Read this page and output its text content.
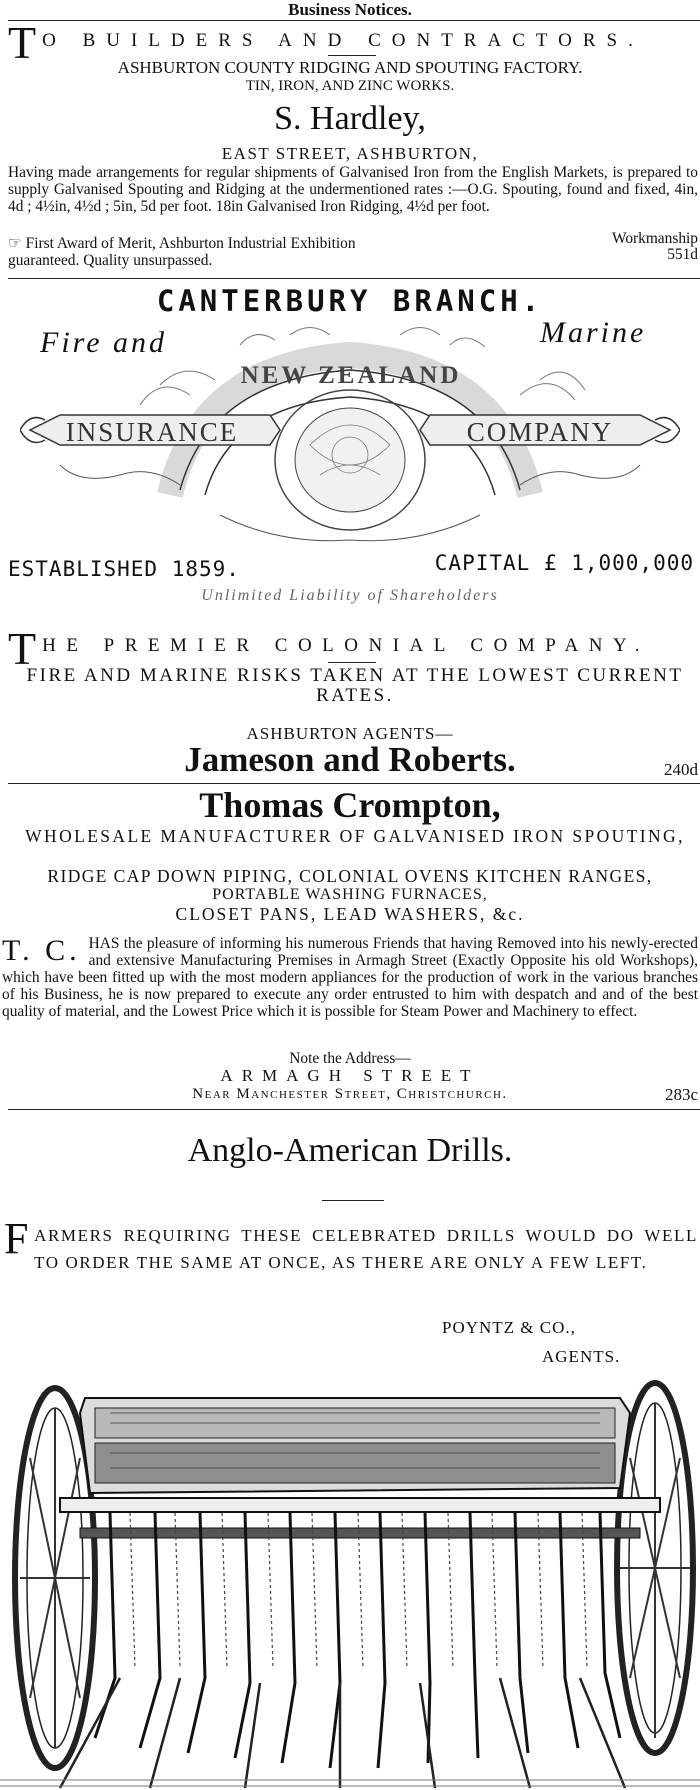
Business Notices.
T O BUILDERS AND CONTRACTORS.
ASHBURTON COUNTY RIDGING AND SPOUTING FACTORY.
TIN, IRON, AND ZINC WORKS.
S. Hardley,
EAST STREET, ASHBURTON,
Having made arrangements for regular shipments of Galvanised Iron from the English Markets, is prepared to supply Galvanised Spouting and Ridging at the undermentioned rates :—O.G. Spouting, found and fixed, 4in, 4d ; 4½in, 4½d ; 5in, 5d per foot. 18in Galvanised Iron Ridging, 4½d per foot.
☞ First Award of Merit, Ashburton Industrial Exhibition	Workmanship
guaranteed. Quality unsurpassed.	551d
CANTERBURY BRANCH.
Fire and	Marine
NEW ZEALAND
INSURANCE	COMPANY
ESTABLISHED 1859.	CAPITAL £ 1,000,000
Unlimited Liability of Shareholders
T HE PREMIER COLONIAL COMPANY.
FIRE AND MARINE RISKS TAKEN AT THE LOWEST CURRENT RATES.
ASHBURTON AGENTS—
Jameson and Roberts.	240d
Thomas Crompton,
WHOLESALE MANUFACTURER OF GALVANISED IRON SPOUTING,
RIDGE CAP DOWN PIPING, COLONIAL OVENS KITCHEN RANGES,
PORTABLE WASHING FURNACES,
CLOSET PANS, LEAD WASHERS, &c.
T. C. HAS the pleasure of informing his numerous Friends that having Removed into his newly-erected and extensive Manufacturing Premises in Armagh Street (Exactly Opposite his old Workshops), which have been fitted up with the most modern appliances for the production of work in the various branches of his Business, he is now prepared to execute any order entrusted to him with despatch and and of the best quality of material, and the Lowest Price which it is possible for Steam Power and Machinery to effect.
Note the Address—
ARMAGH STREET
Near Manchester Street, Christchurch.	283c
Anglo-American Drills.
F ARMERS REQUIRING THESE CELEBRATED DRILLS WOULD DO WELL TO ORDER THE SAME AT ONCE, AS THERE ARE ONLY A FEW LEFT.
POYNTZ & CO.,
AGENTS.
